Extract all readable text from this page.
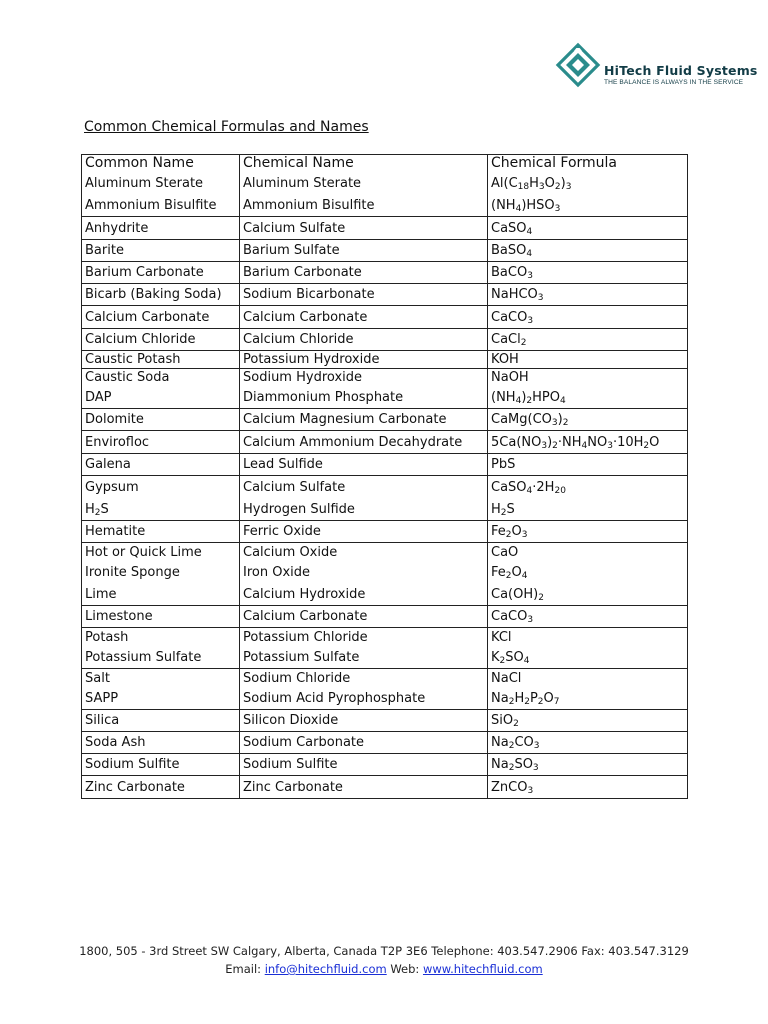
HiTech Fluid Systems
THE BALANCE IS ALWAYS IN THE SERVICE
Common Chemical Formulas and Names
Common Name	Chemical Name	Chemical Formula
Aluminum Sterate	Aluminum Sterate	$Al(C_{18}H_3O_2)_3$
Ammonium Bisulfite	Ammonium Bisulfite	$(NH_4)HSO_3$
Anhydrite	Calcium Sulfate	CaSO$_4$
Barite	Barium Sulfate	BaSO$_4$
Barium Carbonate	Barium Carbonate	BaCO$_3$
Bicarb (Baking Soda)	Sodium Bicarbonate	NaHCO$_3$
Calcium Carbonate	Calcium Carbonate	CaCO$_3$
Calcium Chloride	Calcium Chloride	CaCl$_2$
Caustic Potash	Potassium Hydroxide	KOH
Caustic Soda	Sodium Hydroxide	NaOH
DAP	Diammonium Phosphate	$(NH_4)_2HPO_4$
Dolomite	Calcium Magnesium Carbonate	$CaMg(CO_3)_2$
Envirofloc	Calcium Ammonium Decahydrate	$5Ca(NO_3)_2\cdot NH_4NO_3\cdot 10H_2O$
Galena	Lead Sulfide	PbS
Gypsum	Calcium Sulfate	$CaSO_4\cdot 2H_{20}$
$H_2S$	Hydrogen Sulfide	$H_2S$
Hematite	Ferric Oxide	$Fe_2O_3$
Hot or Quick Lime	Calcium Oxide	CaO
Ironite Sponge	Iron Oxide	$Fe_2O_4$
Lime	Calcium Hydroxide	$Ca(OH)_2$
Limestone	Calcium Carbonate	CaCO$_3$
Potash	Potassium Chloride	KCl
Potassium Sulfate	Potassium Sulfate	$K_2SO_4$
Salt	Sodium Chloride	NaCl
SAPP	Sodium Acid Pyrophosphate	$Na_2H_2P_2O_7$
Silica	Silicon Dioxide	SiO$_2$
Soda Ash	Sodium Carbonate	$Na_2CO_3$
Sodium Sulfite	Sodium Sulfite	$Na_2SO_3$
Zinc Carbonate	Zinc Carbonate	ZnCO$_3$
1800, 505 - 3rd Street SW Calgary, Alberta, Canada T2P 3E6 Telephone: 403.547.2906 Fax: 403.547.3129
Email: info@hitechfluid.com Web: www.hitechfluid.com
